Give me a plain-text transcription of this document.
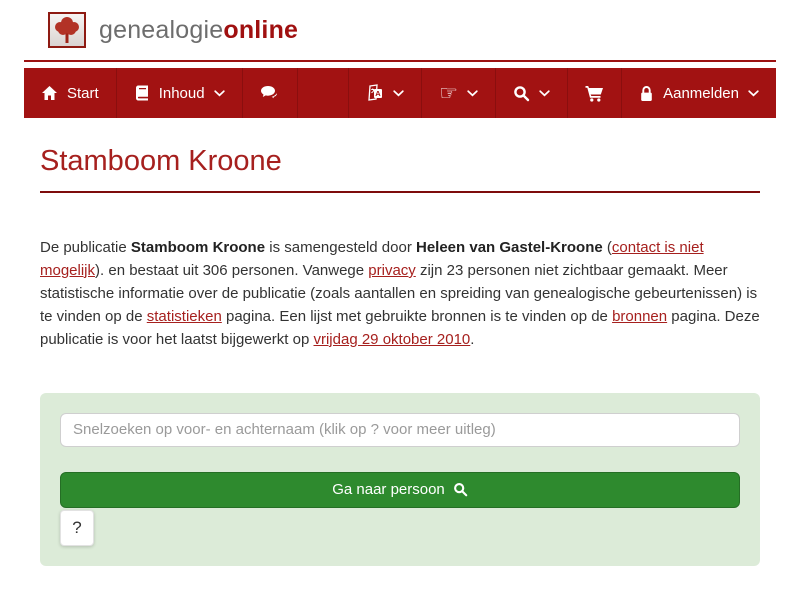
genealogieonline
Start	Inhoud	A	☞	Aanmelden
Stamboom Kroone

De publicatie Stamboom Kroone is samengesteld door Heleen van Gastel-Kroone (contact is niet mogelijk). en bestaat uit 306 personen. Vanwege privacy zijn 23 personen niet zichtbaar gemaakt. Meer statistische informatie over de publicatie (zoals aantallen en spreiding van genealogische gebeurtenissen) is te vinden op de statistieken pagina. Een lijst met gebruikte bronnen is te vinden op de bronnen pagina. Deze publicatie is voor het laatst bijgewerkt op vrijdag 29 oktober 2010.

Snelzoeken op voor- en achternaam (klik op ? voor meer uitleg)
Ga naar persoon
?
